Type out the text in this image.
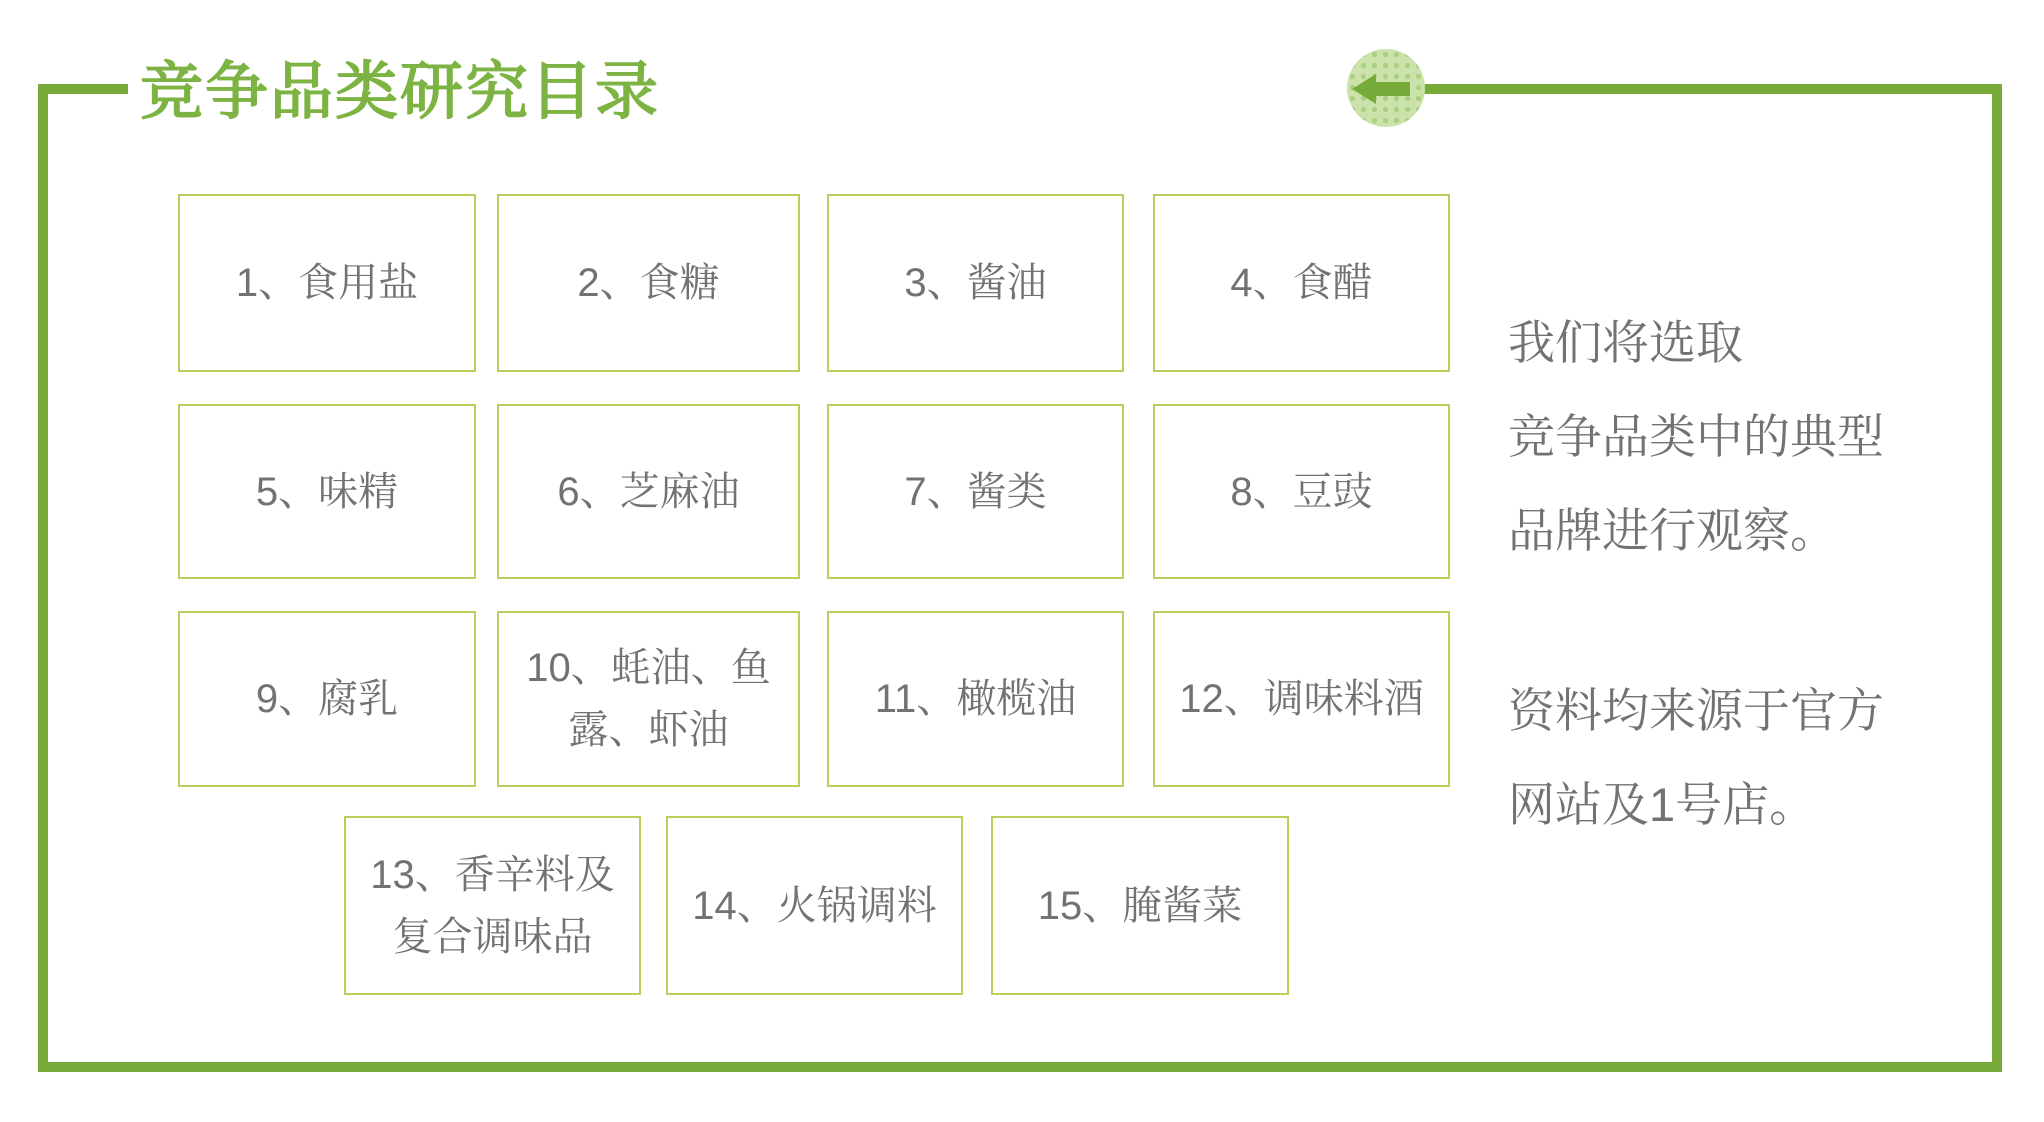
竞争品类研究目录
1、食用盐	2、食糖	3、酱油	4、食醋
5、味精	6、芝麻油	7、酱类	8、豆豉
9、腐乳
10、蚝油、鱼露、虾油
11、橄榄油	12、调味料酒
13、香辛料及复合调味品
14、火锅调料	15、腌酱菜
我们将选取
竞争品类中的典型
品牌进行观察。
资料均来源于官方
网站及1号店。
